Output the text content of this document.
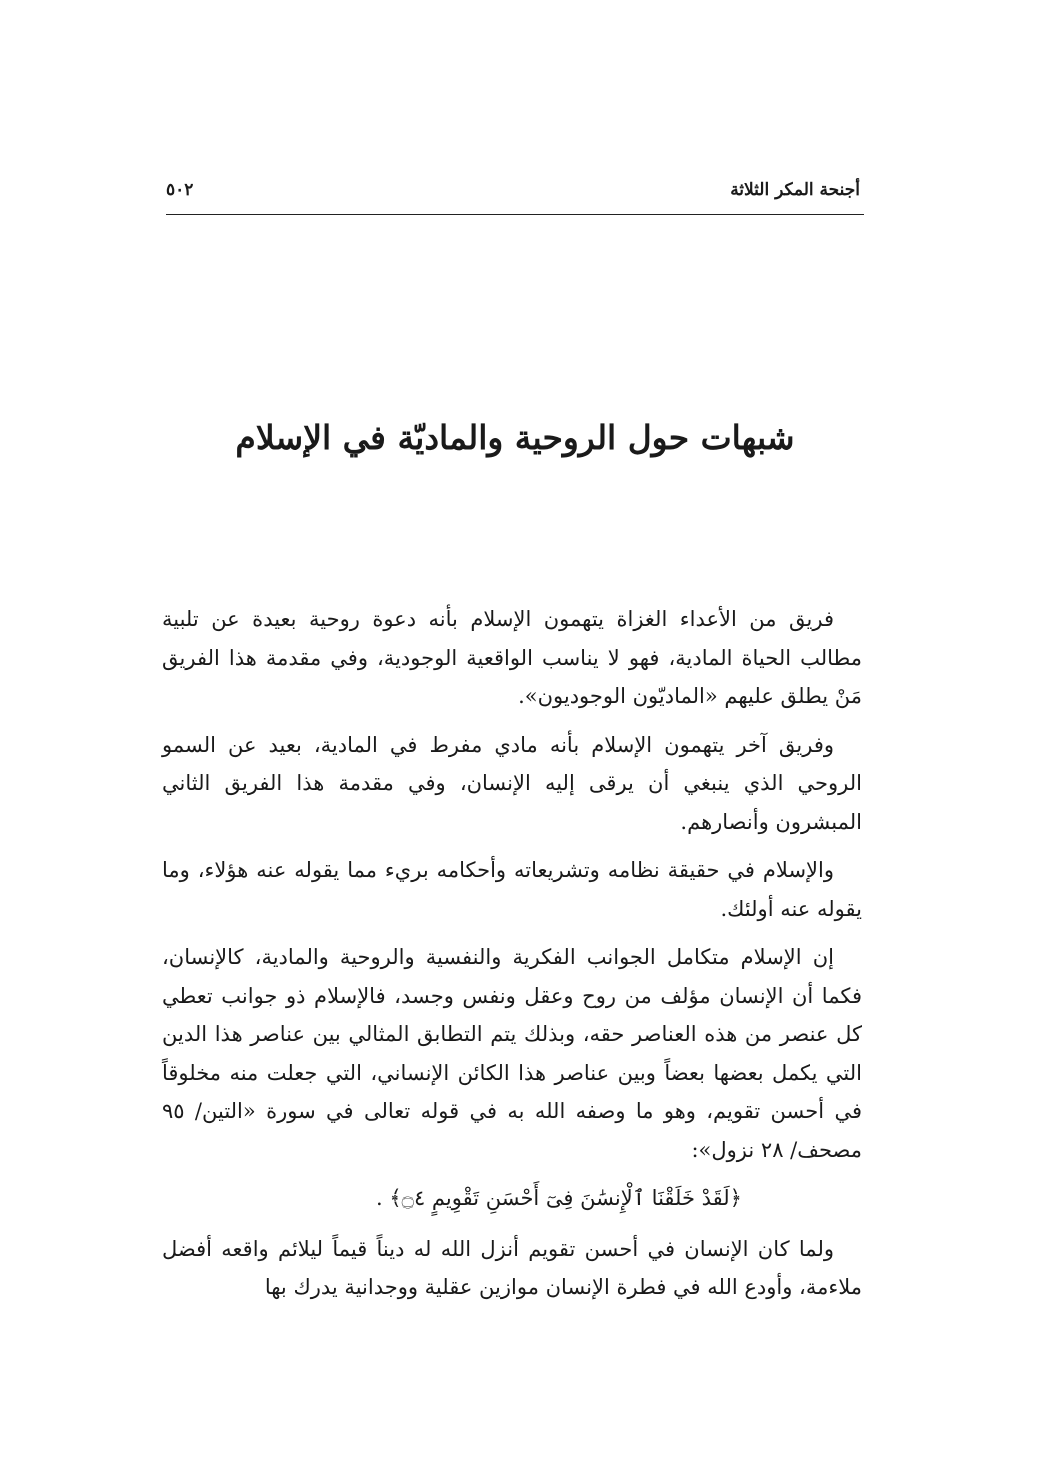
أجنحة المكر الثلاثة
٥٠٢
شبهات حول الروحية والماديّة في الإسلام

فريق من الأعداء الغزاة يتهمون الإسلام بأنه دعوة روحية بعيدة عن تلبية مطالب الحياة المادية، فهو لا يناسب الواقعية الوجودية، وفي مقدمة هذا الفريق مَنْ يطلق عليهم «الماديّون الوجوديون».

وفريق آخر يتهمون الإسلام بأنه مادي مفرط في المادية، بعيد عن السمو الروحي الذي ينبغي أن يرقى إليه الإنسان، وفي مقدمة هذا الفريق الثاني المبشرون وأنصارهم.

والإسلام في حقيقة نظامه وتشريعاته وأحكامه بريء مما يقوله عنه هؤلاء، وما يقوله عنه أولئك.

إن الإسلام متكامل الجوانب الفكرية والنفسية والروحية والمادية، كالإنسان، فكما أن الإنسان مؤلف من روح وعقل ونفس وجسد، فالإسلام ذو جوانب تعطي كل عنصر من هذه العناصر حقه، وبذلك يتم التطابق المثالي بين عناصر هذا الدين التي يكمل بعضها بعضاً وبين عناصر هذا الكائن الإنساني، التي جعلت منه مخلوقاً في أحسن تقويم، وهو ما وصفه الله به في قوله تعالى في سورة «التين/ ٩٥ مصحف/ ٢٨ نزول»:

﴿لَقَدْ خَلَقْنَا ٱلْإِنسَٰنَ فِىٓ أَحْسَنِ تَقْوِيمٍ ۝٤﴾ .

ولما كان الإنسان في أحسن تقويم أنزل الله له ديناً قيماً ليلائم واقعه أفضل ملاءمة، وأودع الله في فطرة الإنسان موازين عقلية ووجدانية يدرك بها
